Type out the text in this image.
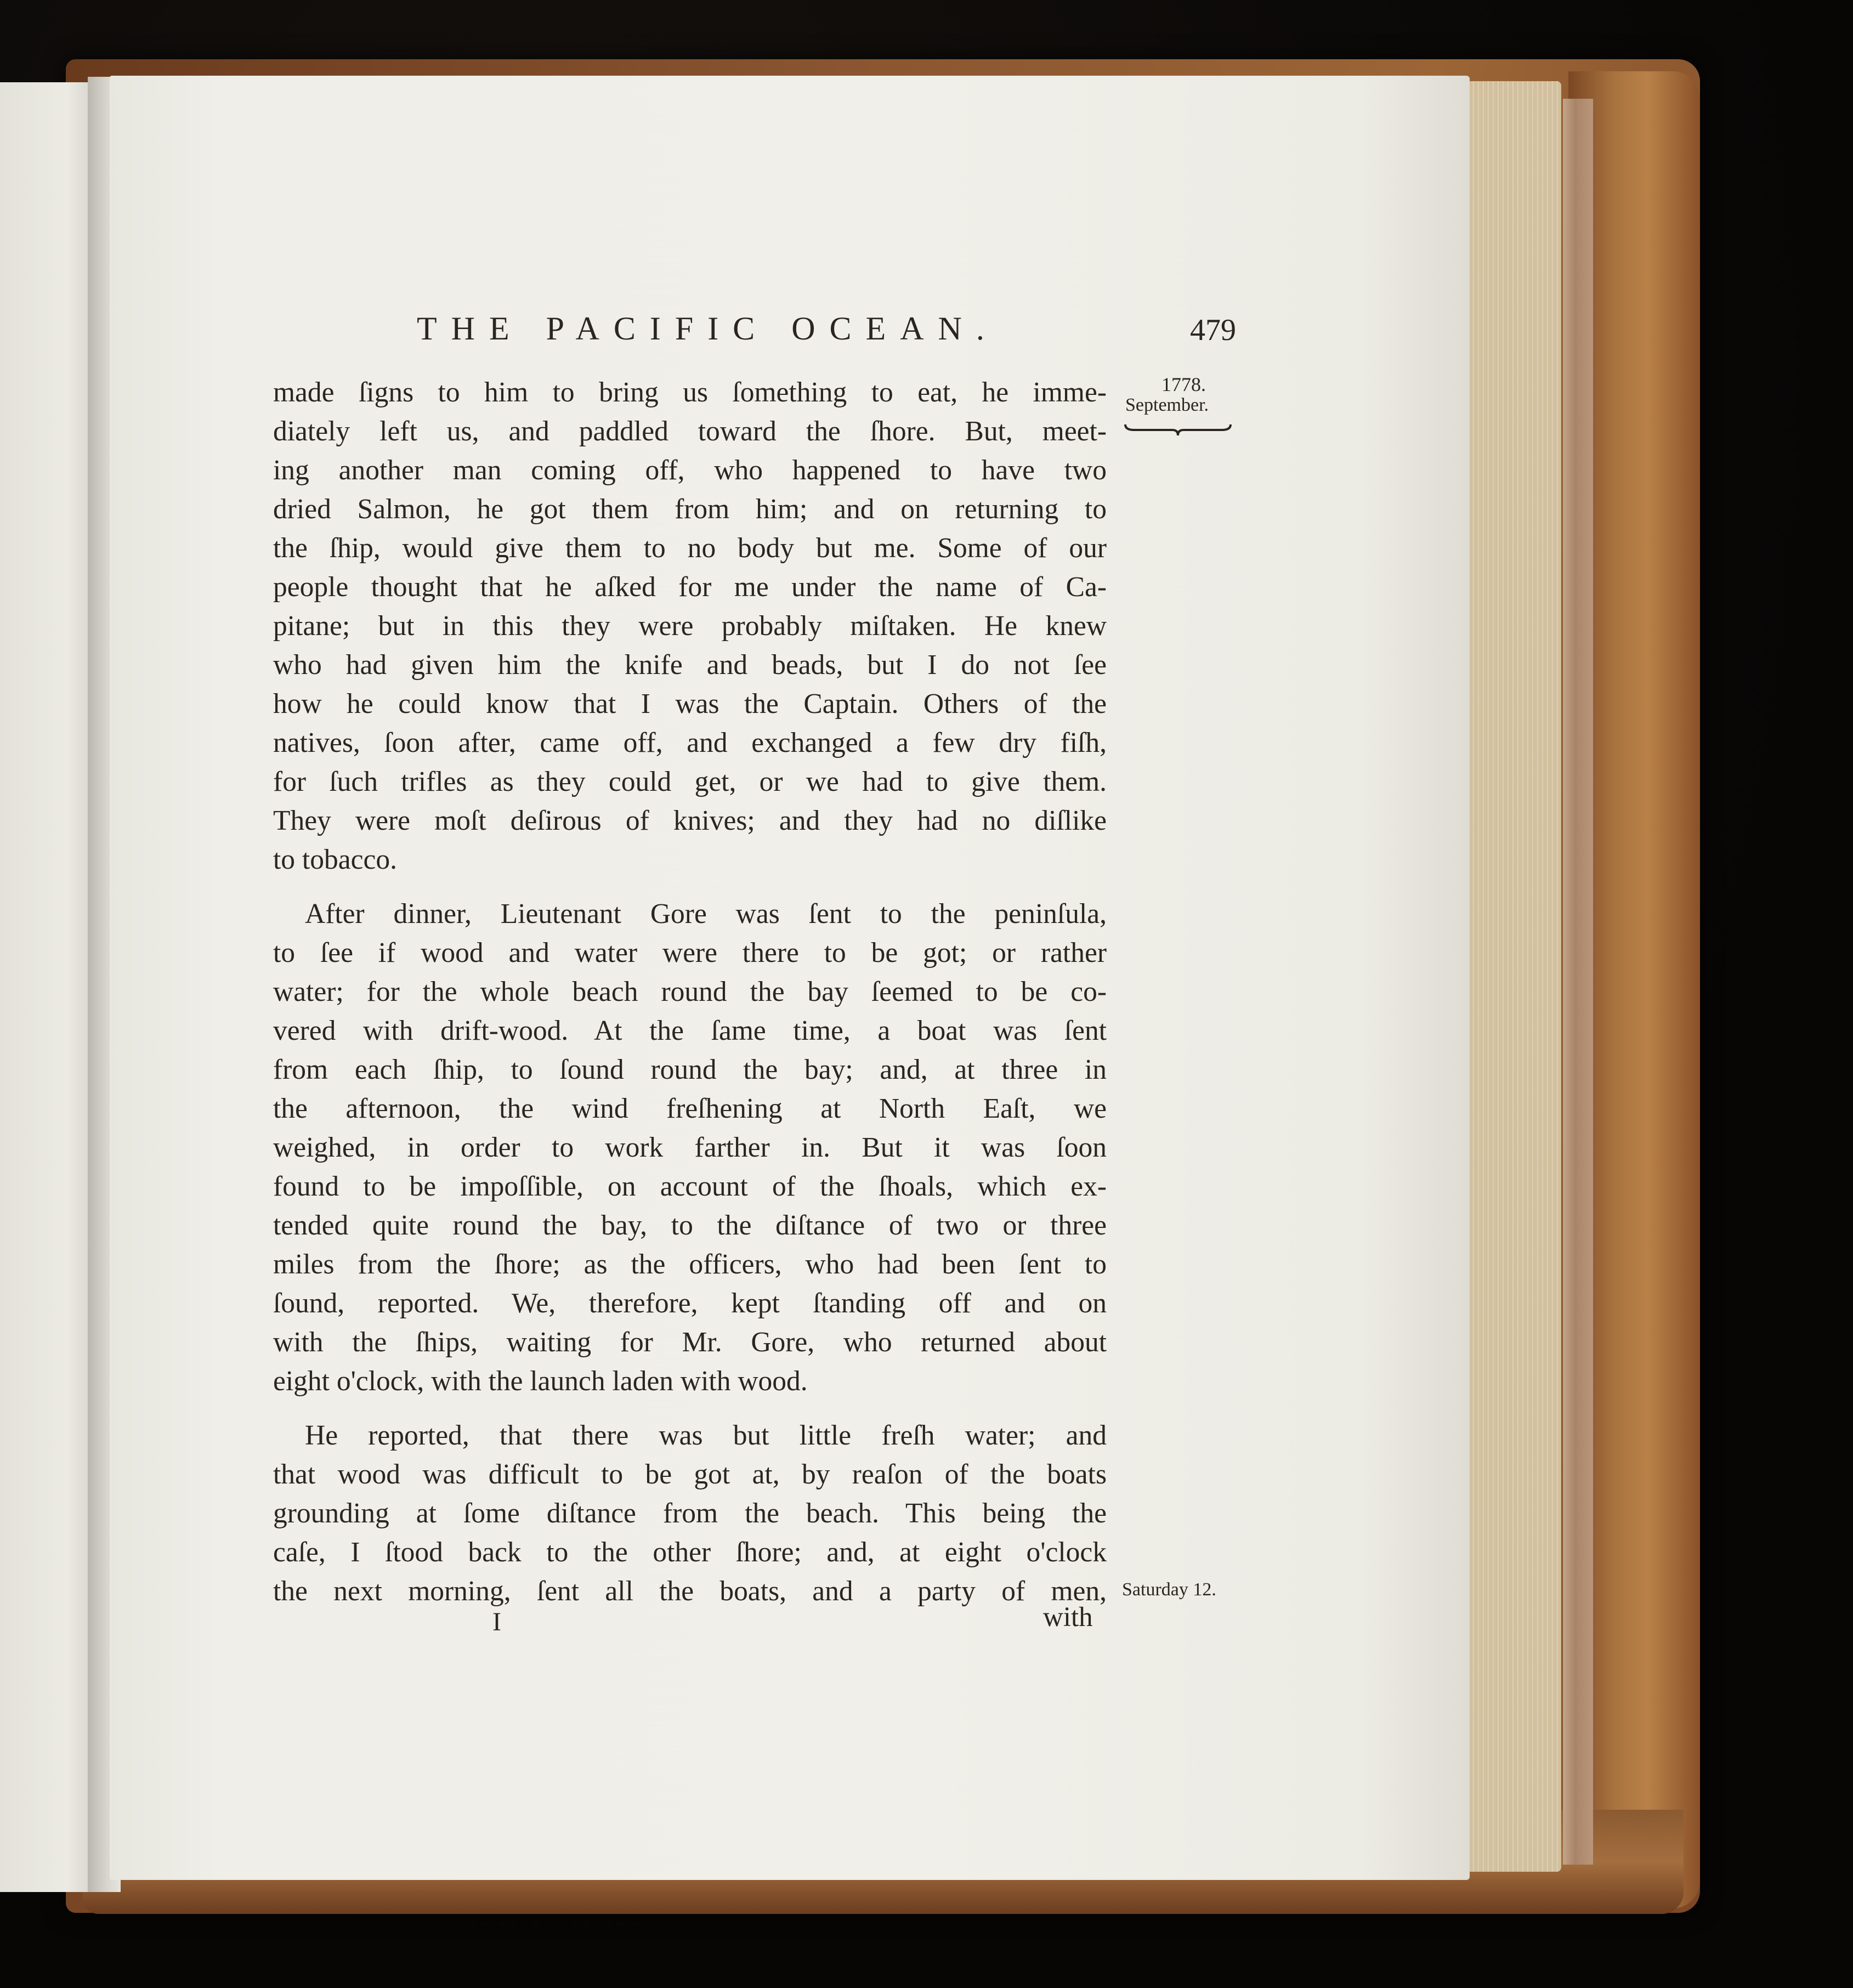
THE PACIFIC OCEAN.	479
1778.
September.
made ſigns to him to bring us ſomething to eat, he imme-
diately left us, and paddled toward the ſhore. But, meet-
ing another man coming off, who happened to have two
dried Salmon, he got them from him; and on returning to
the ſhip, would give them to no body but me. Some of our
people thought that he aſked for me under the name of Ca-
pitane; but in this they were probably miſtaken. He knew
who had given him the knife and beads, but I do not ſee
how he could know that I was the Captain. Others of the
natives, ſoon after, came off, and exchanged a few dry fiſh,
for ſuch trifles as they could get, or we had to give them.
They were moſt deſirous of knives; and they had no diſlike
to tobacco.
After dinner, Lieutenant Gore was ſent to the peninſula,
to ſee if wood and water were there to be got; or rather
water; for the whole beach round the bay ſeemed to be co-
vered with drift-wood. At the ſame time, a boat was ſent
from each ſhip, to ſound round the bay; and, at three in
the afternoon, the wind freſhening at North Eaſt, we
weighed, in order to work farther in. But it was ſoon
found to be impoſſible, on account of the ſhoals, which ex-
tended quite round the bay, to the diſtance of two or three
miles from the ſhore; as the officers, who had been ſent to
ſound, reported. We, therefore, kept ſtanding off and on
with the ſhips, waiting for Mr. Gore, who returned about
eight o'clock, with the launch laden with wood.
He reported, that there was but little freſh water; and
that wood was difficult to be got at, by reaſon of the boats
grounding at ſome diſtance from the beach. This being the
caſe, I ſtood back to the other ſhore; and, at eight o'clock
the next morning, ſent all the boats, and a party of men, Saturday 12.
I	with
